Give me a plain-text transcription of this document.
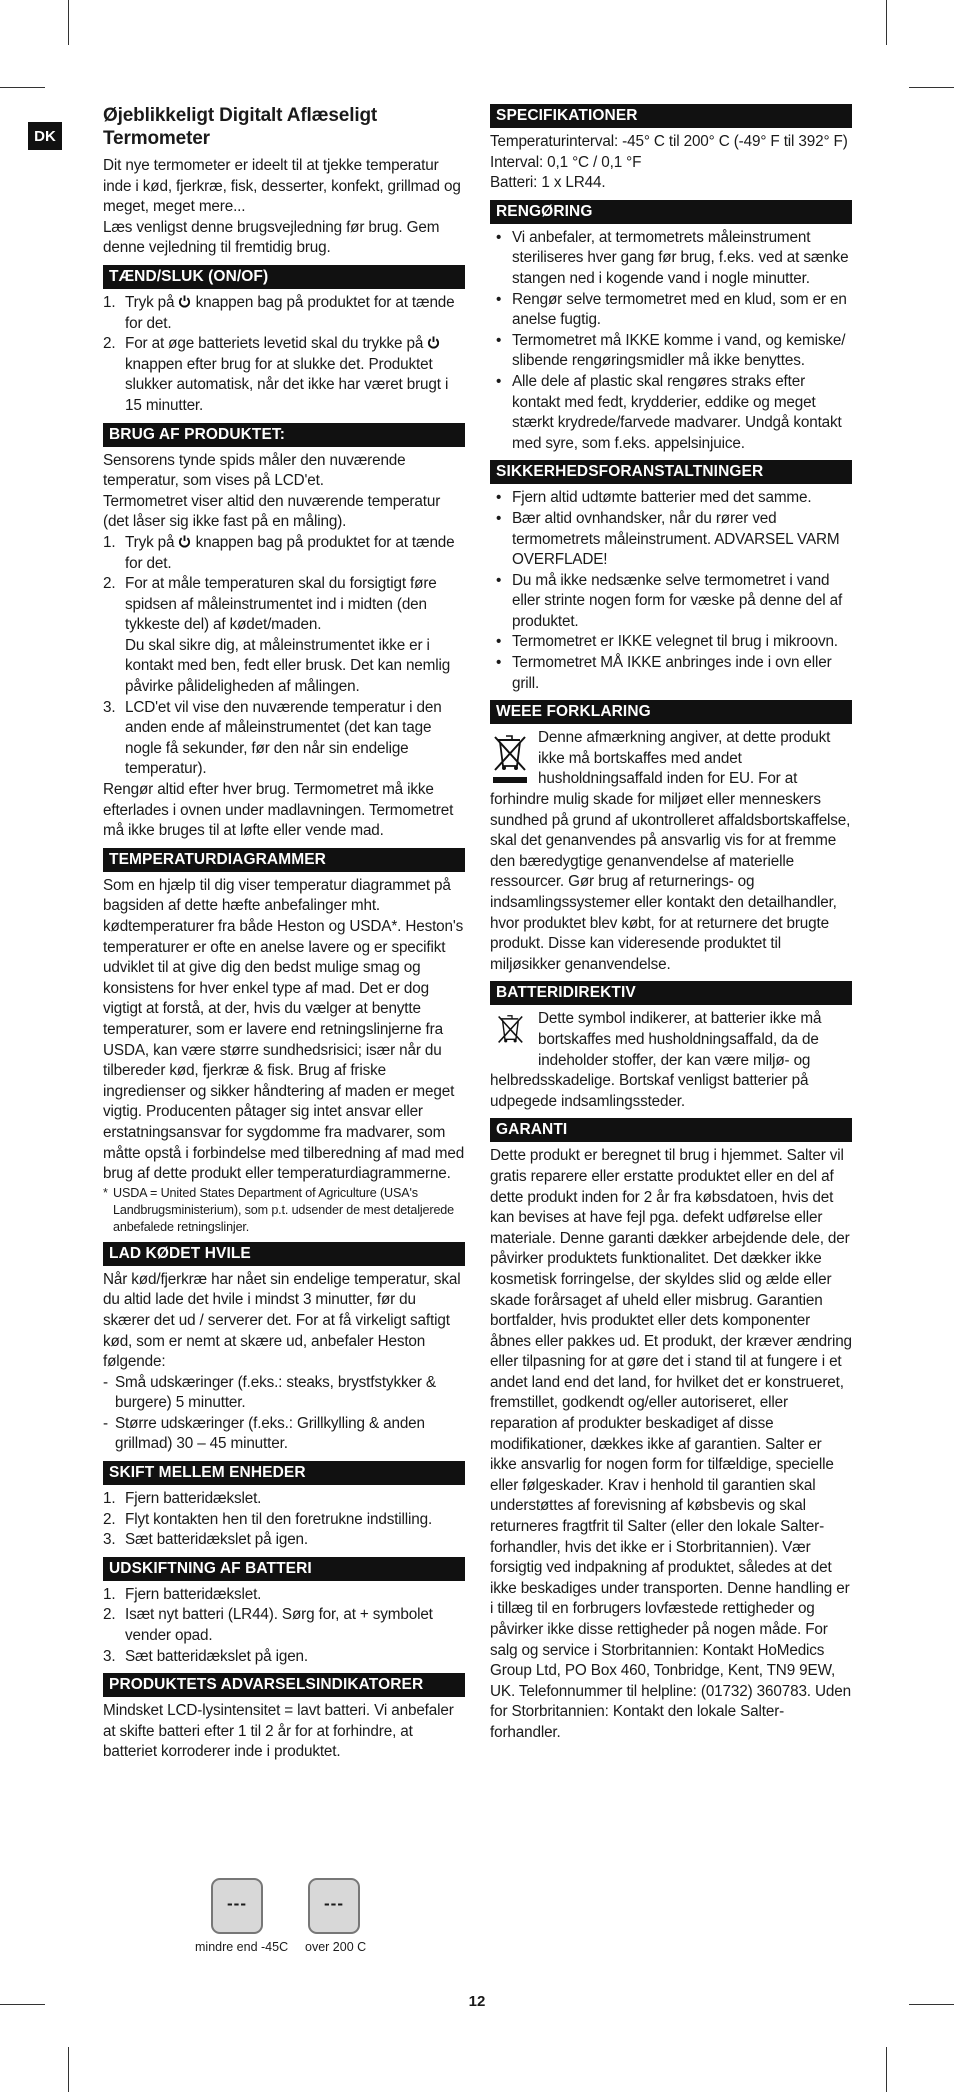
DK
Øjeblikkeligt Digitalt Aflæseligt Termometer

Dit nye termometer er ideelt til at tjekke temperatur inde i kød, fjerkræ, fisk, desserter, konfekt, grillmad og meget, meget mere...

Læs venligst denne brugsvejledning før brug. Gem denne vejledning til fremtidig brug.

TÆND/SLUK (ON/OF)
1. Tryk på  knappen bag på produktet for at tænde for det.
2. For at øge batteriets levetid skal du trykke på  knappen efter brug for at slukke det. Produktet slukker automatisk, når det ikke har været brugt i 15 minutter.
BRUG AF PRODUKTET:

Sensorens tynde spids måler den nuværende temperatur, som vises på LCD'et.

Termometret viser altid den nuværende temperatur (det låser sig ikke fast på en måling).

1. Tryk på  knappen bag på produktet for at tænde for det.
2. For at måle temperaturen skal du forsigtigt føre spidsen af måleinstrumentet ind i midten (den tykkeste del) af kødet/maden.
Du skal sikre dig, at måleinstrumentet ikke er i kontakt med ben, fedt eller brusk. Det kan nemlig påvirke pålideligheden af målingen.
3. LCD'et vil vise den nuværende temperatur i den anden ende af måleinstrumentet (det kan tage nogle få sekunder, før den når sin endelige temperatur).

Rengør altid efter hver brug. Termometret må ikke efterlades i ovnen under madlavningen. Termometret må ikke bruges til at løfte eller vende mad.

TEMPERATURDIAGRAMMER

Som en hjælp til dig viser temperatur diagrammet på bagsiden af dette hæfte anbefalinger mht. kødtemperaturer fra både Heston og USDA*. Heston's temperaturer er ofte en anelse lavere og er specifikt udviklet til at give dig den bedst mulige smag og konsistens for hver enkel type af mad. Det er dog vigtigt at forstå, at der, hvis du vælger at benytte temperaturer, som er lavere end retningslinjerne fra USDA, kan være større sundhedsrisici; især når du tilbereder kød, fjerkræ & fisk. Brug af friske ingredienser og sikker håndtering af maden er meget vigtig. Producenten påtager sig intet ansvar eller erstatningsansvar for sygdomme fra madvarer, som måtte opstå i forbindelse med tilberedning af mad med brug af dette produkt eller temperaturdiagrammerne.

* USDA = United States Department of Agriculture (USA's Landbrugsministerium), som p.t. udsender de mest detaljerede anbefalede retningslinjer.
LAD KØDET HVILE

Når kød/fjerkræ har nået sin endelige temperatur, skal du altid lade det hvile i mindst 3 minutter, før du skærer det ud / serverer det. For at få virkeligt saftigt kød, som er nemt at skære ud, anbefaler Heston følgende:

- Små udskæringer (f.eks.: steaks, brystfstykker & burgere) 5 minutter.
- Større udskæringer (f.eks.: Grillkylling & anden grillmad) 30 – 45 minutter.
SKIFT MELLEM ENHEDER
1. Fjern batteridækslet.
2. Flyt kontakten hen til den foretrukne indstilling.
3. Sæt batteridækslet på igen.
UDSKIFTNING AF BATTERI
1. Fjern batteridækslet.
2. Isæt nyt batteri (LR44). Sørg for, at + symbolet vender opad.
3. Sæt batteridækslet på igen.
PRODUKTETS ADVARSELSINDIKATORER

Mindsket LCD-lysintensitet = lavt batteri. Vi anbefaler at skifte batteri efter 1 til 2 år for at forhindre, at batteriet korroderer inde i produktet.

---	---
mindre end -45C over 200 C
SPECIFIKATIONER

Temperaturinterval: -45° C til 200° C (-49° F til 392° F)

Interval: 0,1 °C / 0,1 °F

Batteri: 1 x LR44.

RENGØRING
• Vi anbefaler, at termometrets måleinstrument steriliseres hver gang før brug, f.eks. ved at sænke stangen ned i kogende vand i nogle minutter.
• Rengør selve termometret med en klud, som er en anelse fugtig.
• Termometret må IKKE komme i vand, og kemiske/ slibende rengøringsmidler må ikke benyttes.
• Alle dele af plastic skal rengøres straks efter kontakt med fedt, krydderier, eddike og meget stærkt krydrede/farvede madvarer. Undgå kontakt med syre, som f.eks. appelsinjuice.
SIKKERHEDSFORANSTALTNINGER
• Fjern altid udtømte batterier med det samme.
• Bær altid ovnhandsker, når du rører ved termometrets måleinstrument. ADVARSEL VARM OVERFLADE!
• Du må ikke nedsænke selve termometret i vand eller strinte nogen form for væske på denne del af produktet.
• Termometret er IKKE velegnet til brug i mikroovn.
• Termometret MÅ IKKE anbringes inde i ovn eller grill.
WEEE FORKLARING
Denne afmærkning angiver, at dette produkt ikke må bortskaffes med andet husholdningsaffald inden for EU. For at forhindre mulig skade for miljøet eller menneskers sundhed på grund af ukontrolleret affaldsbortskaffelse, skal det genanvendes på ansvarlig vis for at fremme den bæredygtige genanvendelse af materielle ressourcer. Gør brug af returnerings- og indsamlingssystemer eller kontakt den detailhandler, hvor produktet blev købt, for at returnere det brugte produkt. Disse kan videresende produktet til miljøsikker genanvendelse.
BATTERIDIREKTIV
Dette symbol indikerer, at batterier ikke må bortskaffes med husholdningsaffald, da de indeholder stoffer, der kan være miljø- og helbredsskadelige. Bortskaf venligst batterier på udpegede indsamlingssteder.
GARANTI

Dette produkt er beregnet til brug i hjemmet. Salter vil gratis reparere eller erstatte produktet eller en del af dette produkt inden for 2 år fra købsdatoen, hvis det kan bevises at have fejl pga. defekt udførelse eller materiale. Denne garanti dækker arbejdende dele, der påvirker produktets funktionalitet. Det dækker ikke kosmetisk forringelse, der skyldes slid og ælde eller skade forårsaget af uheld eller misbrug. Garantien bortfalder, hvis produktet eller dets komponenter åbnes eller pakkes ud. Et produkt, der kræver ændring eller tilpasning for at gøre det i stand til at fungere i et andet land end det land, for hvilket det er konstrueret, fremstillet, godkendt og/eller autoriseret, eller reparation af produkter beskadiget af disse modifikationer, dækkes ikke af garantien. Salter er ikke ansvarlig for nogen form for tilfældige, specielle eller følgeskader. Krav i henhold til garantien skal understøttes af forevisning af købsbevis og skal returneres fragtfrit til Salter (eller den lokale Salter-forhandler, hvis det ikke er i Storbritannien). Vær forsigtig ved indpakning af produktet, således at det ikke beskadiges under transporten. Denne handling er i tillæg til en forbrugers lovfæstede rettigheder og påvirker ikke disse rettigheder på nogen måde. For salg og service i Storbritannien: Kontakt HoMedics Group Ltd, PO Box 460, Tonbridge, Kent, TN9 9EW, UK. Telefonnummer til helpline: (01732) 360783. Uden for Storbritannien: Kontakt den lokale Salter-forhandler.

12
